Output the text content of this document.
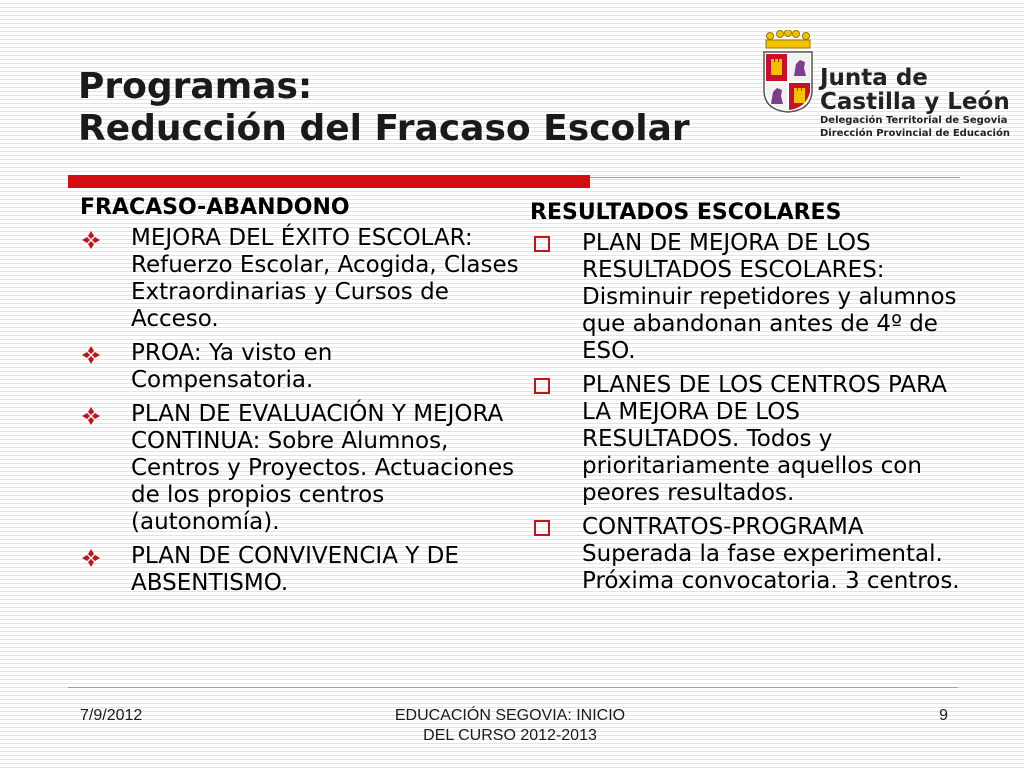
Programas:
Reducción del Fracaso Escolar
Junta de
Castilla y León
Delegación Territorial de Segovia
Dirección Provincial de Educación
FRACASO-ABANDONO
MEJORA DEL ÉXITO ESCOLAR: Refuerzo Escolar, Acogida, Clases Extraordinarias y Cursos de Acceso.
PROA: Ya visto en Compensatoria.
PLAN DE EVALUACIÓN Y MEJORA CONTINUA: Sobre Alumnos, Centros y Proyectos. Actuaciones de los propios centros (autonomía).
PLAN DE CONVIVENCIA Y DE ABSENTISMO.
RESULTADOS ESCOLARES
PLAN DE MEJORA DE LOS RESULTADOS ESCOLARES: Disminuir repetidores y alumnos que abandonan antes de 4º de ESO.
PLANES DE LOS CENTROS PARA LA MEJORA DE LOS RESULTADOS. Todos y prioritariamente aquellos con peores resultados.
CONTRATOS-PROGRAMA Superada la fase experimental. Próxima convocatoria. 3 centros.
7/9/2012	EDUCACIÓN SEGOVIA: INICIO
DEL CURSO 2012-2013
9
